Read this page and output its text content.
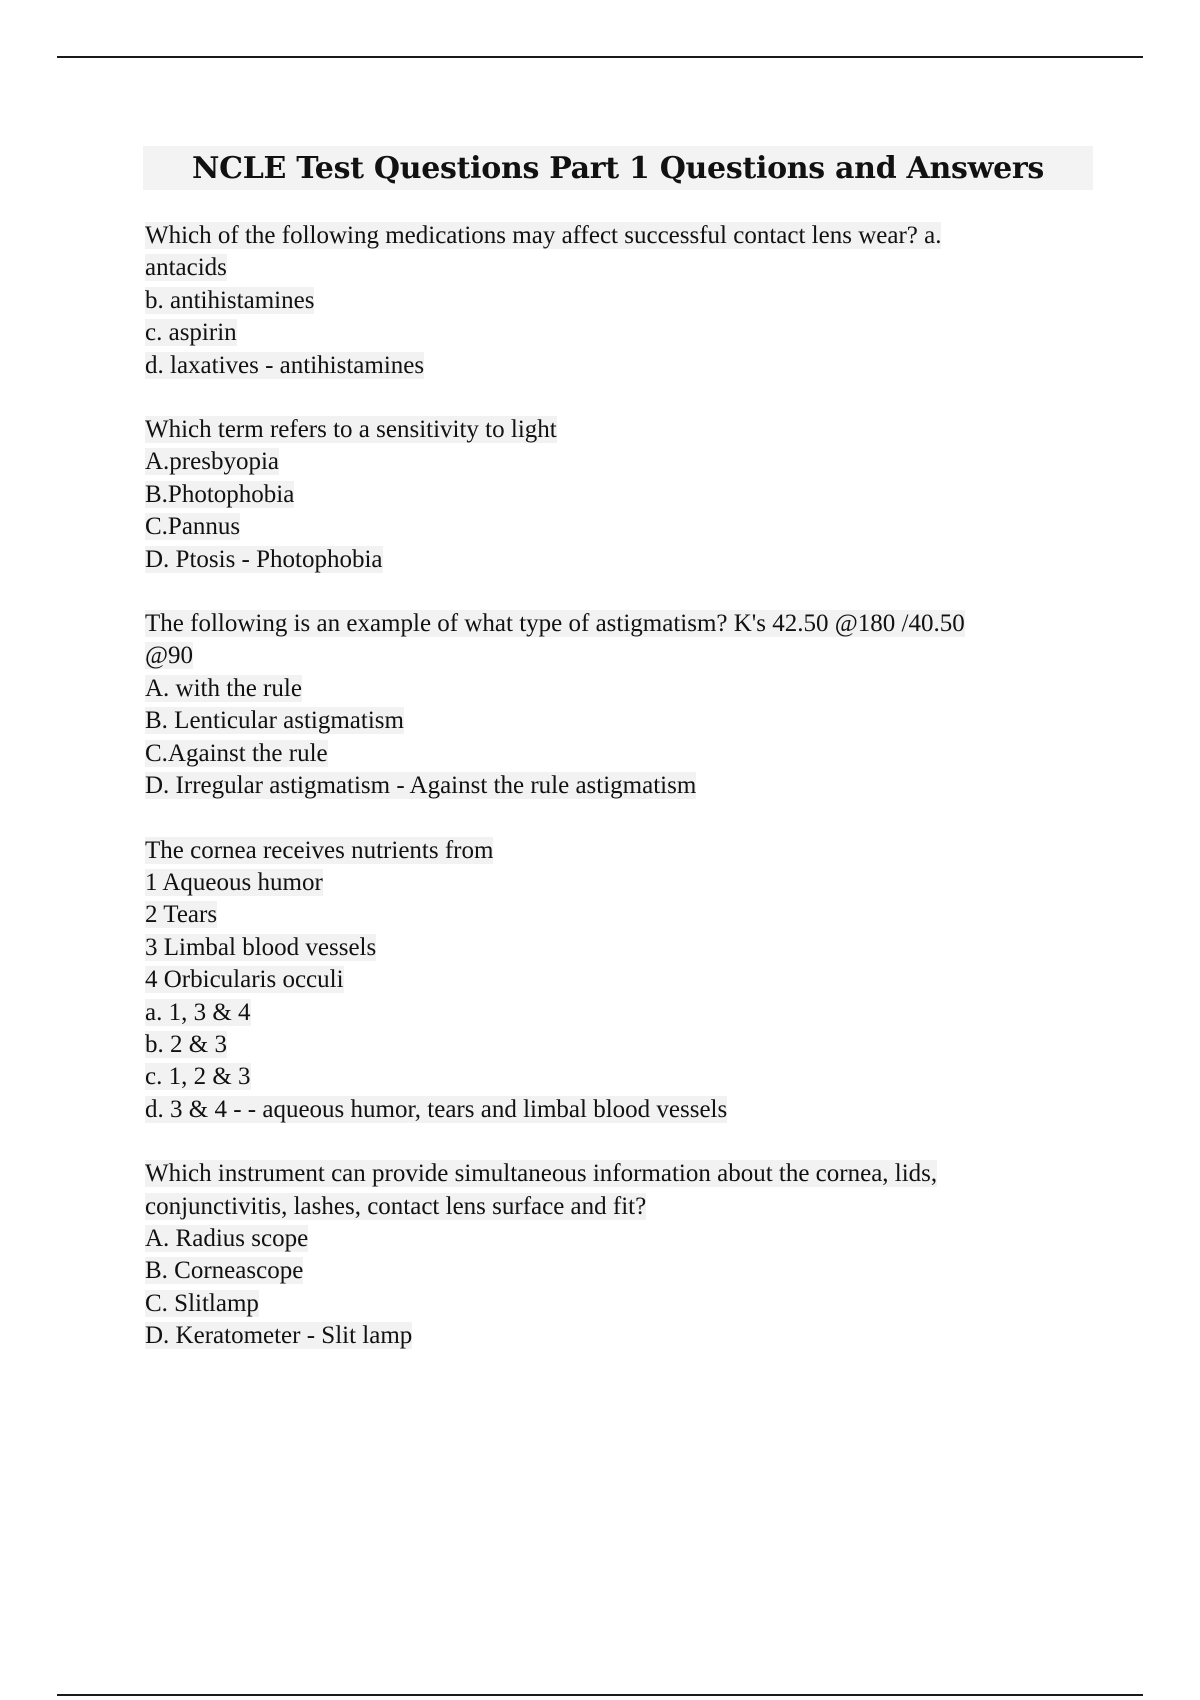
NCLE Test Questions Part 1 Questions and Answers
Which of the following medications may affect successful contact lens wear? a.
antacids
b. antihistamines
c. aspirin
d. laxatives - antihistamines
Which term refers to a sensitivity to light
A.presbyopia
B.Photophobia
C.Pannus
D. Ptosis - Photophobia
The following is an example of what type of astigmatism? K's 42.50 @180 /40.50
@90
A. with the rule
B. Lenticular astigmatism
C.Against the rule
D. Irregular astigmatism - Against the rule astigmatism
The cornea receives nutrients from
1 Aqueous humor
2 Tears
3 Limbal blood vessels
4 Orbicularis occuli
a. 1, 3 & 4
b. 2 & 3
c. 1, 2 & 3
d. 3 & 4 - - aqueous humor, tears and limbal blood vessels
Which instrument can provide simultaneous information about the cornea, lids,
conjunctivitis, lashes, contact lens surface and fit?
A. Radius scope
B. Corneascope
C. Slitlamp
D. Keratometer - Slit lamp
